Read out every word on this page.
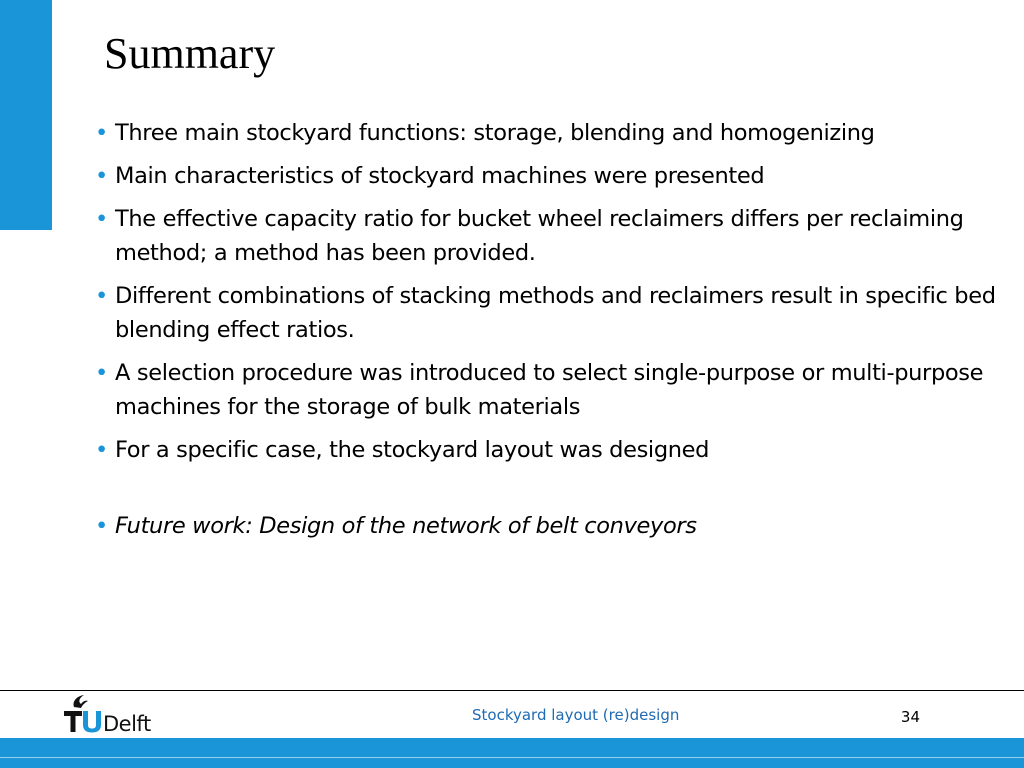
Summary
• Three main stockyard functions: storage, blending and homogenizing
• Main characteristics of stockyard machines were presented
• The effective capacity ratio for bucket wheel reclaimers differs per reclaiming method; a method has been provided.
• Different combinations of stacking methods and reclaimers result in specific bed blending effect ratios.
• A selection procedure was introduced to select single-purpose or multi-purpose machines for the storage of bulk materials
• For a specific case, the stockyard layout was designed
• Future work: Design of the network of belt conveyors
Delft	Stockyard layout (re)design	34
